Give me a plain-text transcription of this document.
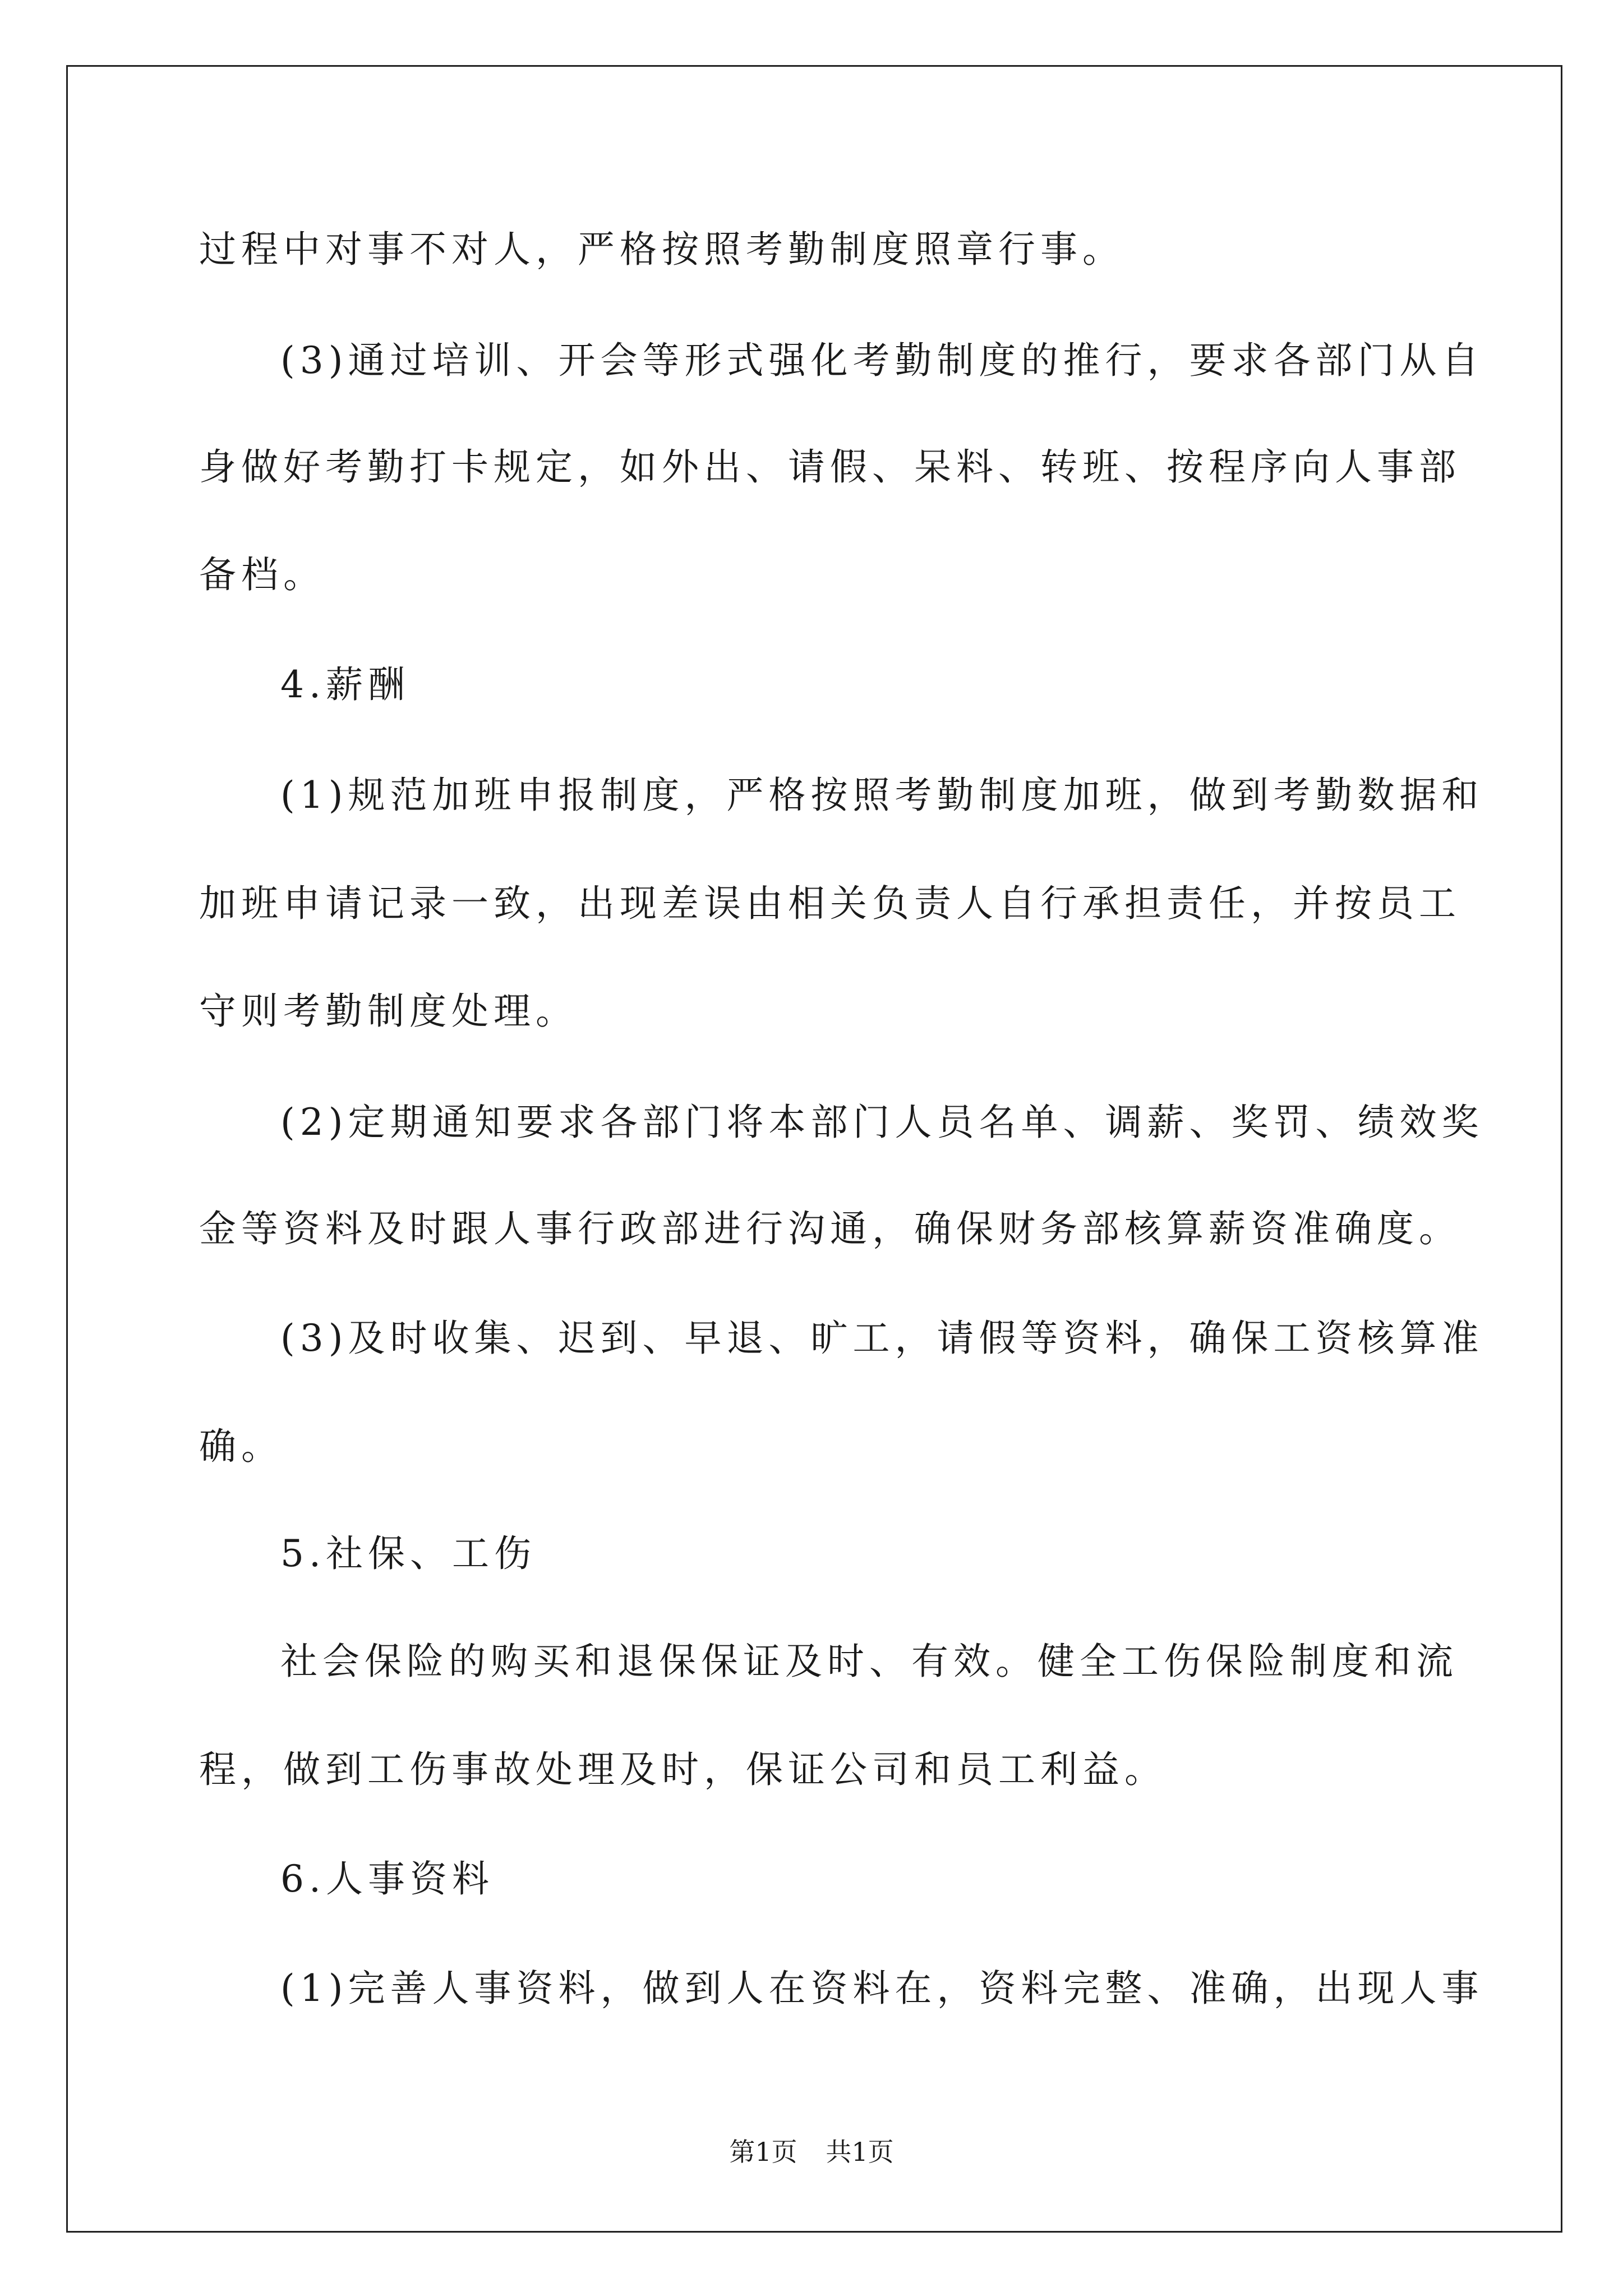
过程中对事不对人，严格按照考勤制度照章行事。
(3)通过培训、开会等形式强化考勤制度的推行，要求各部门从自
身做好考勤打卡规定，如外出、请假、呆料、转班、按程序向人事部
备档。
4.薪酬
(1)规范加班申报制度，严格按照考勤制度加班，做到考勤数据和
加班申请记录一致，出现差误由相关负责人自行承担责任，并按员工
守则考勤制度处理。
(2)定期通知要求各部门将本部门人员名单、调薪、奖罚、绩效奖
金等资料及时跟人事行政部进行沟通，确保财务部核算薪资准确度。
(3)及时收集、迟到、早退、旷工，请假等资料，确保工资核算准
确。
5.社保、工伤
社会保险的购买和退保保证及时、有效。健全工伤保险制度和流
程，做到工伤事故处理及时，保证公司和员工利益。
6.人事资料
(1)完善人事资料，做到人在资料在，资料完整、准确，出现人事
第1页 共1页
